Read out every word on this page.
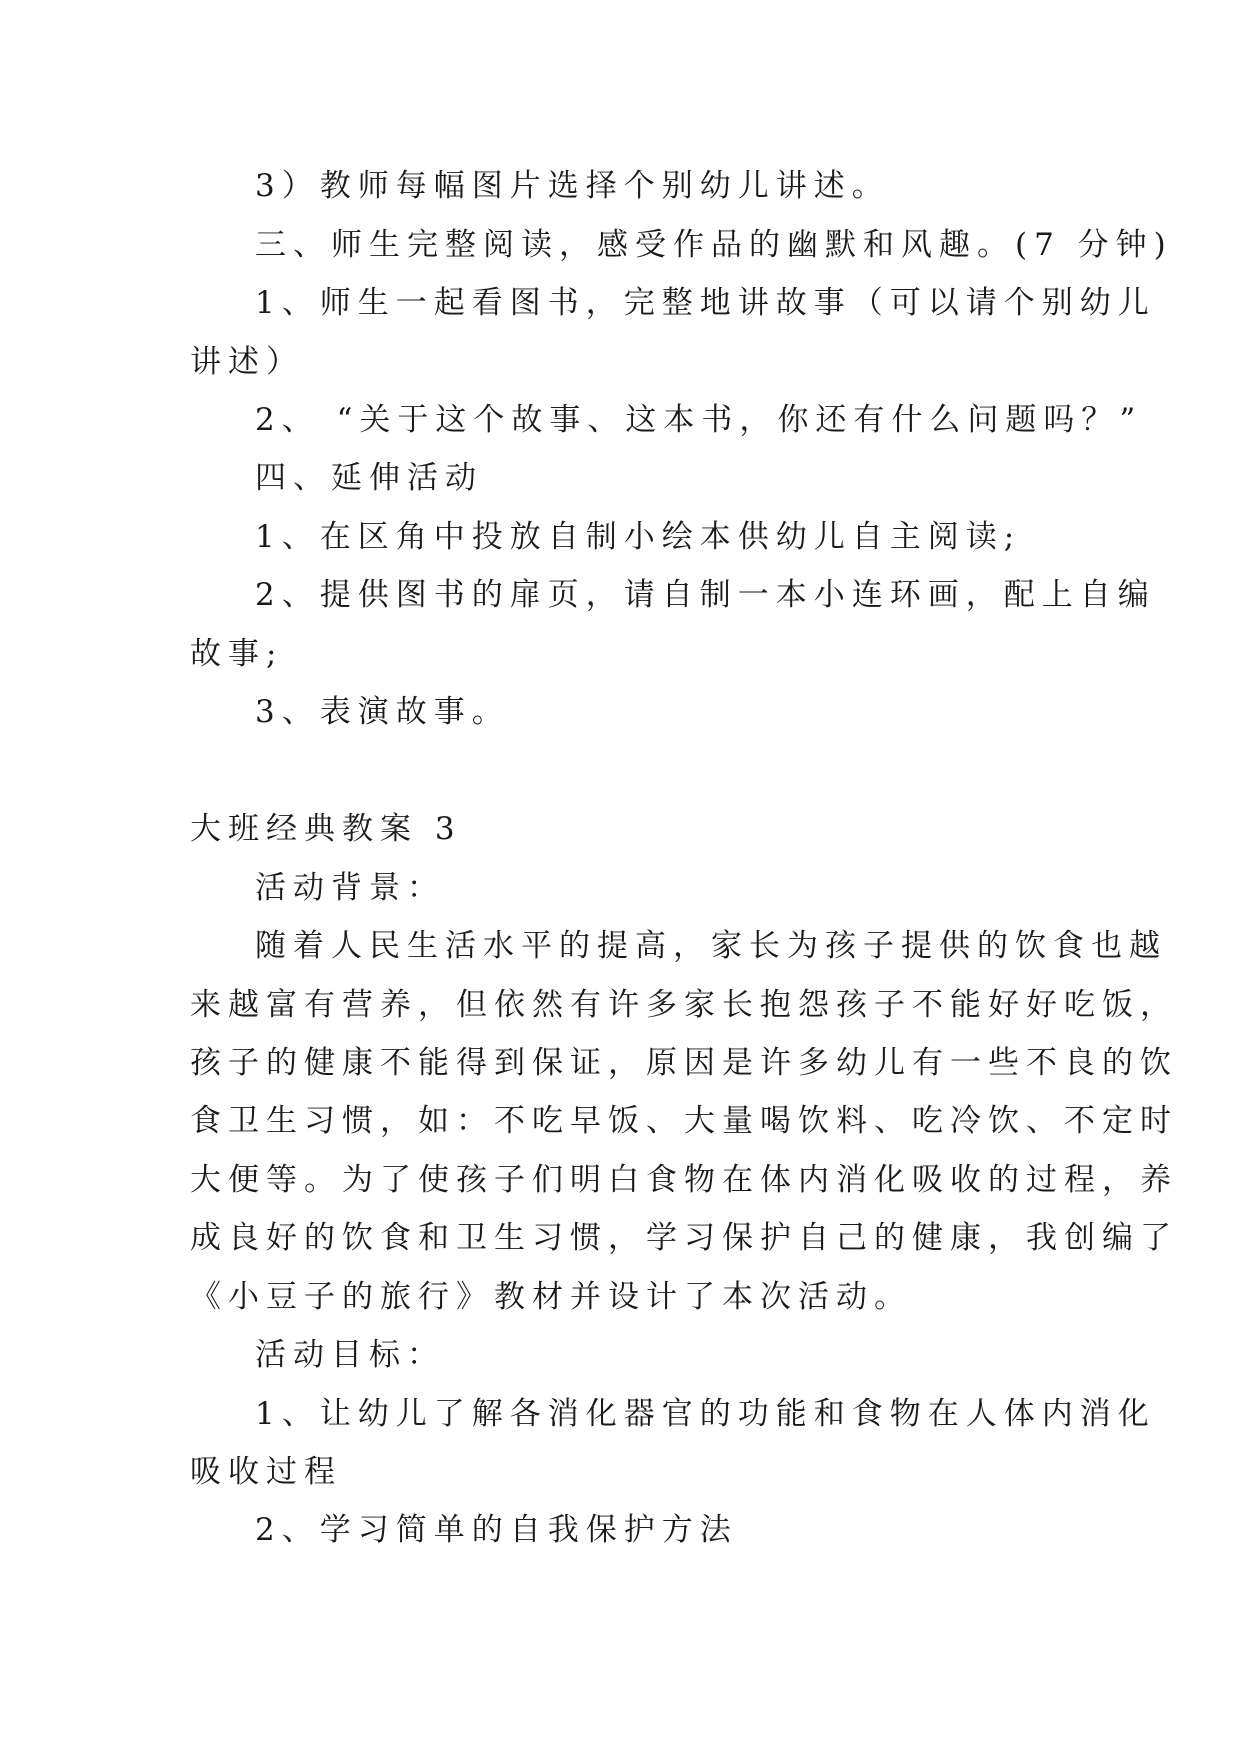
3）教师每幅图片选择个别幼儿讲述。
三、师生完整阅读，感受作品的幽默和风趣。(7 分钟)
1、师生一起看图书，完整地讲故事（可以请个别幼儿
讲述）
2、 “关于这个故事、这本书，你还有什么问题吗？”
四、延伸活动
1、在区角中投放自制小绘本供幼儿自主阅读;
2、提供图书的扉页，请自制一本小连环画，配上自编
故事;
3、表演故事。
大班经典教案 3
活动背景：
随着人民生活水平的提高，家长为孩子提供的饮食也越
来越富有营养，但依然有许多家长抱怨孩子不能好好吃饭，
孩子的健康不能得到保证，原因是许多幼儿有一些不良的饮
食卫生习惯，如：不吃早饭、大量喝饮料、吃冷饮、不定时
大便等。为了使孩子们明白食物在体内消化吸收的过程，养
成良好的饮食和卫生习惯，学习保护自己的健康，我创编了
《小豆子的旅行》教材并设计了本次活动。
活动目标：
1、让幼儿了解各消化器官的功能和食物在人体内消化
吸收过程
2、学习简单的自我保护方法
